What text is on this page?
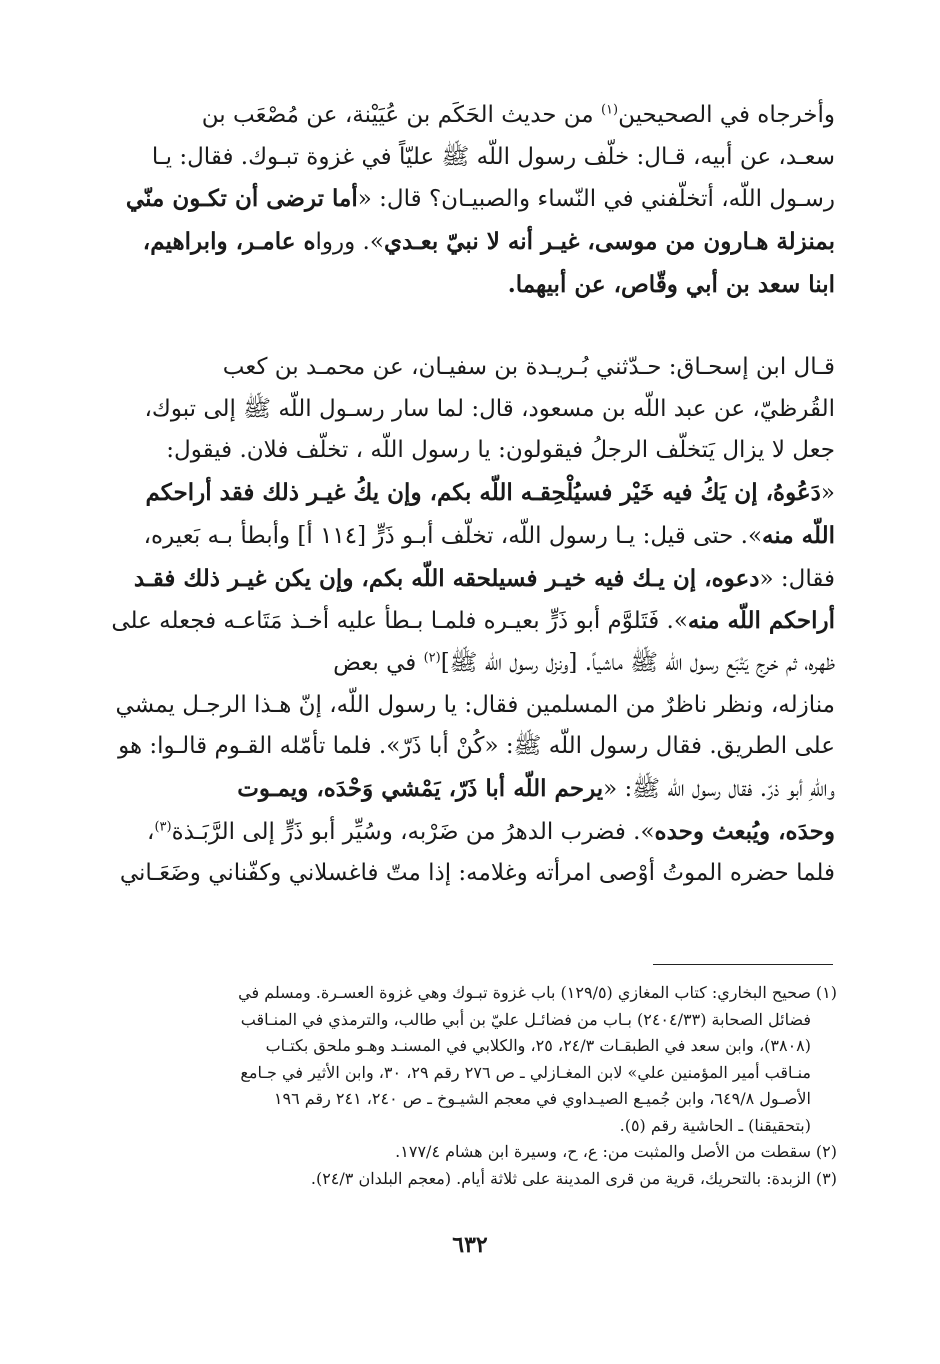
وأخرجاه في الصحيحين$^{(١)}$ من حديث الحَكَم بن عُيَيْنة، عن مُصْعَب بن
سعـد، عن أبيه، قـال: خلّف رسول اللّه ﷺ عليّاً في غزوة تبـوك. فقال: يـا
رسـول اللّه، أتخلّفني في النّساء والصبيـان؟ قال: «أما ترضى أن تكـون منّي
بمنزلة هـارون من موسى، غيـر أنه لا نبيّ بعـدي». ورواه عامـر، وابراهيم،
ابنا سعد بن أبي وقّاص، عن أبيهما.

قـال ابن إسحـاق: حـدّثني بُـريـدة بن سفيـان، عن محمـد بن كعب
القُرظيّ، عن عبد اللّه بن مسعود، قال: لما سار رسـول اللّه ﷺ إلى تبوك،
جعل لا يزال يَتخلّف الرجلُ فيقولون: يا رسول اللّه ، تخلّف فلان. فيقول:
«دَعُوهُ، إن يَكُ فيه خَيْر فسيُلْحِقـه اللّه بكم، وإن يكُ غيـر ذلك فقد أراحكم
اللّه منه». حتى قيل: يـا رسول اللّه، تخلّف أبـو ذَرٍّ [١١٤ أ] وأبطأ بـه بَعيره،
فقال: «دعوه، إن يـك فيه خيـر فسيلحقه اللّه بكم، وإن يكن غيـر ذلك فقـد
أراحكم اللّه منه». فَتَلوَّم أبو ذَرٍّ بعيـره فلمـا بـطأ عليه أخـذ مَتَاعـه فجعله على
ظهره، ثم خرج يَتْبَع رسول اللّه ﷺ ماشياً. [ونزل رسول اللّه ﷺ]$^{(٢)}$ في بعض
منازله، ونظر ناظرٌ من المسلمين فقال: يا رسول اللّه، إنّ هـذا الرجـل يمشي
على الطريق. فقال رسول اللّه ﷺ: «كُنْ أبا ذَرّ». فلما تأمّله القـوم قالـوا: هو
واللّهِ أبو ذرّ. فقال رسول اللّه ﷺ: «يرحم اللّه أبا ذَرّ، يَمْشي وَحْدَه، ويمـوت
وحدَه، ويُبعث وحده». فضرب الدهرُ من ضَرْبه، وسُيِّر أبو ذَرٍّ إلى الرَّبَـذة$^{(٣)}$،
فلما حضره الموتُ أوْصى امرأته وغلامه: إذا متّ فاغسلاني وكفّناني وضَعَـاني

(١)صحيح البخاري: كتاب المغازي (١٢٩/٥) باب غزوة تبـوك وهي غزوة العسـرة. ومسلم في
فضائل الصحابة (٢٤٠٤/٣٣) بـاب من فضائـل عليّ بن أبي طالب، والترمذي في المنـاقب
(٣٨٠٨)، وابن سعد في الطبقـات ٢٤/٣، ٢٥، والكلابي في المسنـد وهـو ملحق بكتـاب
منـاقب أمير المؤمنين علي» لابن المغـازلي ـ ص ٢٧٦ رقم ٢٩، ٣٠، وابن الأثير في جـامع
الأصـول ٦٤٩/٨، وابن جُميـع الصيـداوي في معجم الشيـوخ ـ ص ٢٤٠، ٢٤١ رقم ١٩٦
(بتحقيقنا) ـ الحاشية رقم (٥).

(٢)سقطت من الأصل والمثبت من: ع، ح، وسيرة ابن هشام ١٧٧/٤.

(٣)الزبدة: بالتحريك، قرية من قرى المدينة على ثلاثة أيام. (معجم البلدان ٢٤/٣).

٦٣٢
